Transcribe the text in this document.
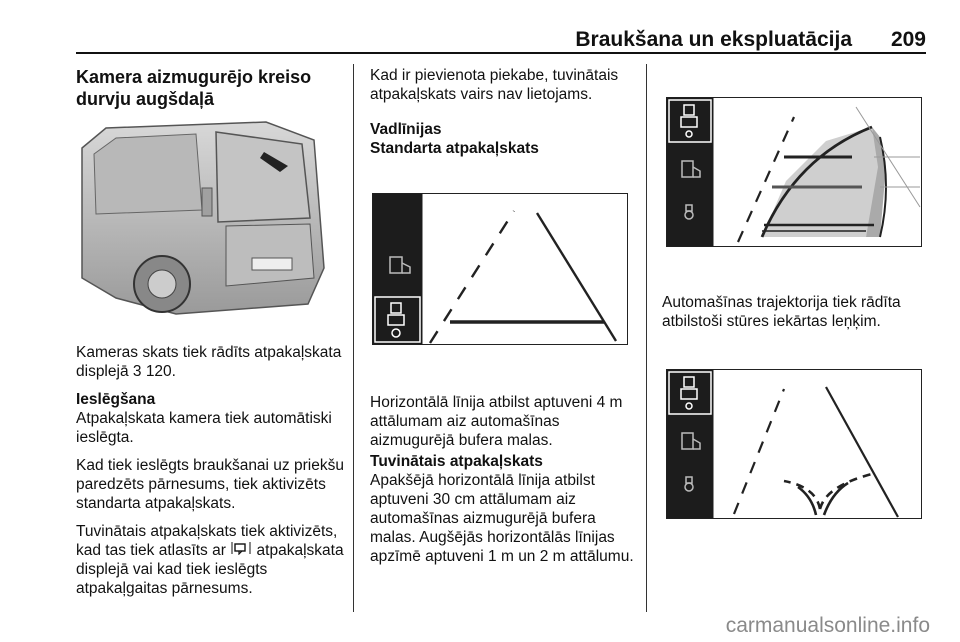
Braukšana un ekspluatācija 209

Kamera aizmugurējo kreiso durvju augšdaļā

Kameras skats tiek rādīts atpakaļskata displejā 3 120.

Ieslēgšana

Atpakaļskata kamera tiek automātiski ieslēgta.

Kad tiek ieslēgts braukšanai uz priekšu paredzēts pārnesums, tiek aktivizēts standarta atpakaļskats.

Tuvinātais atpakaļskats tiek aktivizēts, kad tas tiek atlasīts ar atpakaļskata displejā vai kad tiek ieslēgts atpakaļgaitas pārnesums.

Kad ir pievienota piekabe, tuvinātais atpakaļskats vairs nav lietojams.

Vadlīnijas

Standarta atpakaļskats

Horizontālā līnija atbilst aptuveni 4 m attālumam aiz automašīnas aizmugurējā bufera malas.

Tuvinātais atpakaļskats

Apakšējā horizontālā līnija atbilst aptuveni 30 cm attālumam aiz automašīnas aizmugurējā bufera malas. Augšējās horizontālās līnijas apzīmē aptuveni 1 m un 2 m attālumu.

Automašīnas trajektorija tiek rādīta atbilstoši stūres iekārtas leņķim.
carmanualsonline.info
